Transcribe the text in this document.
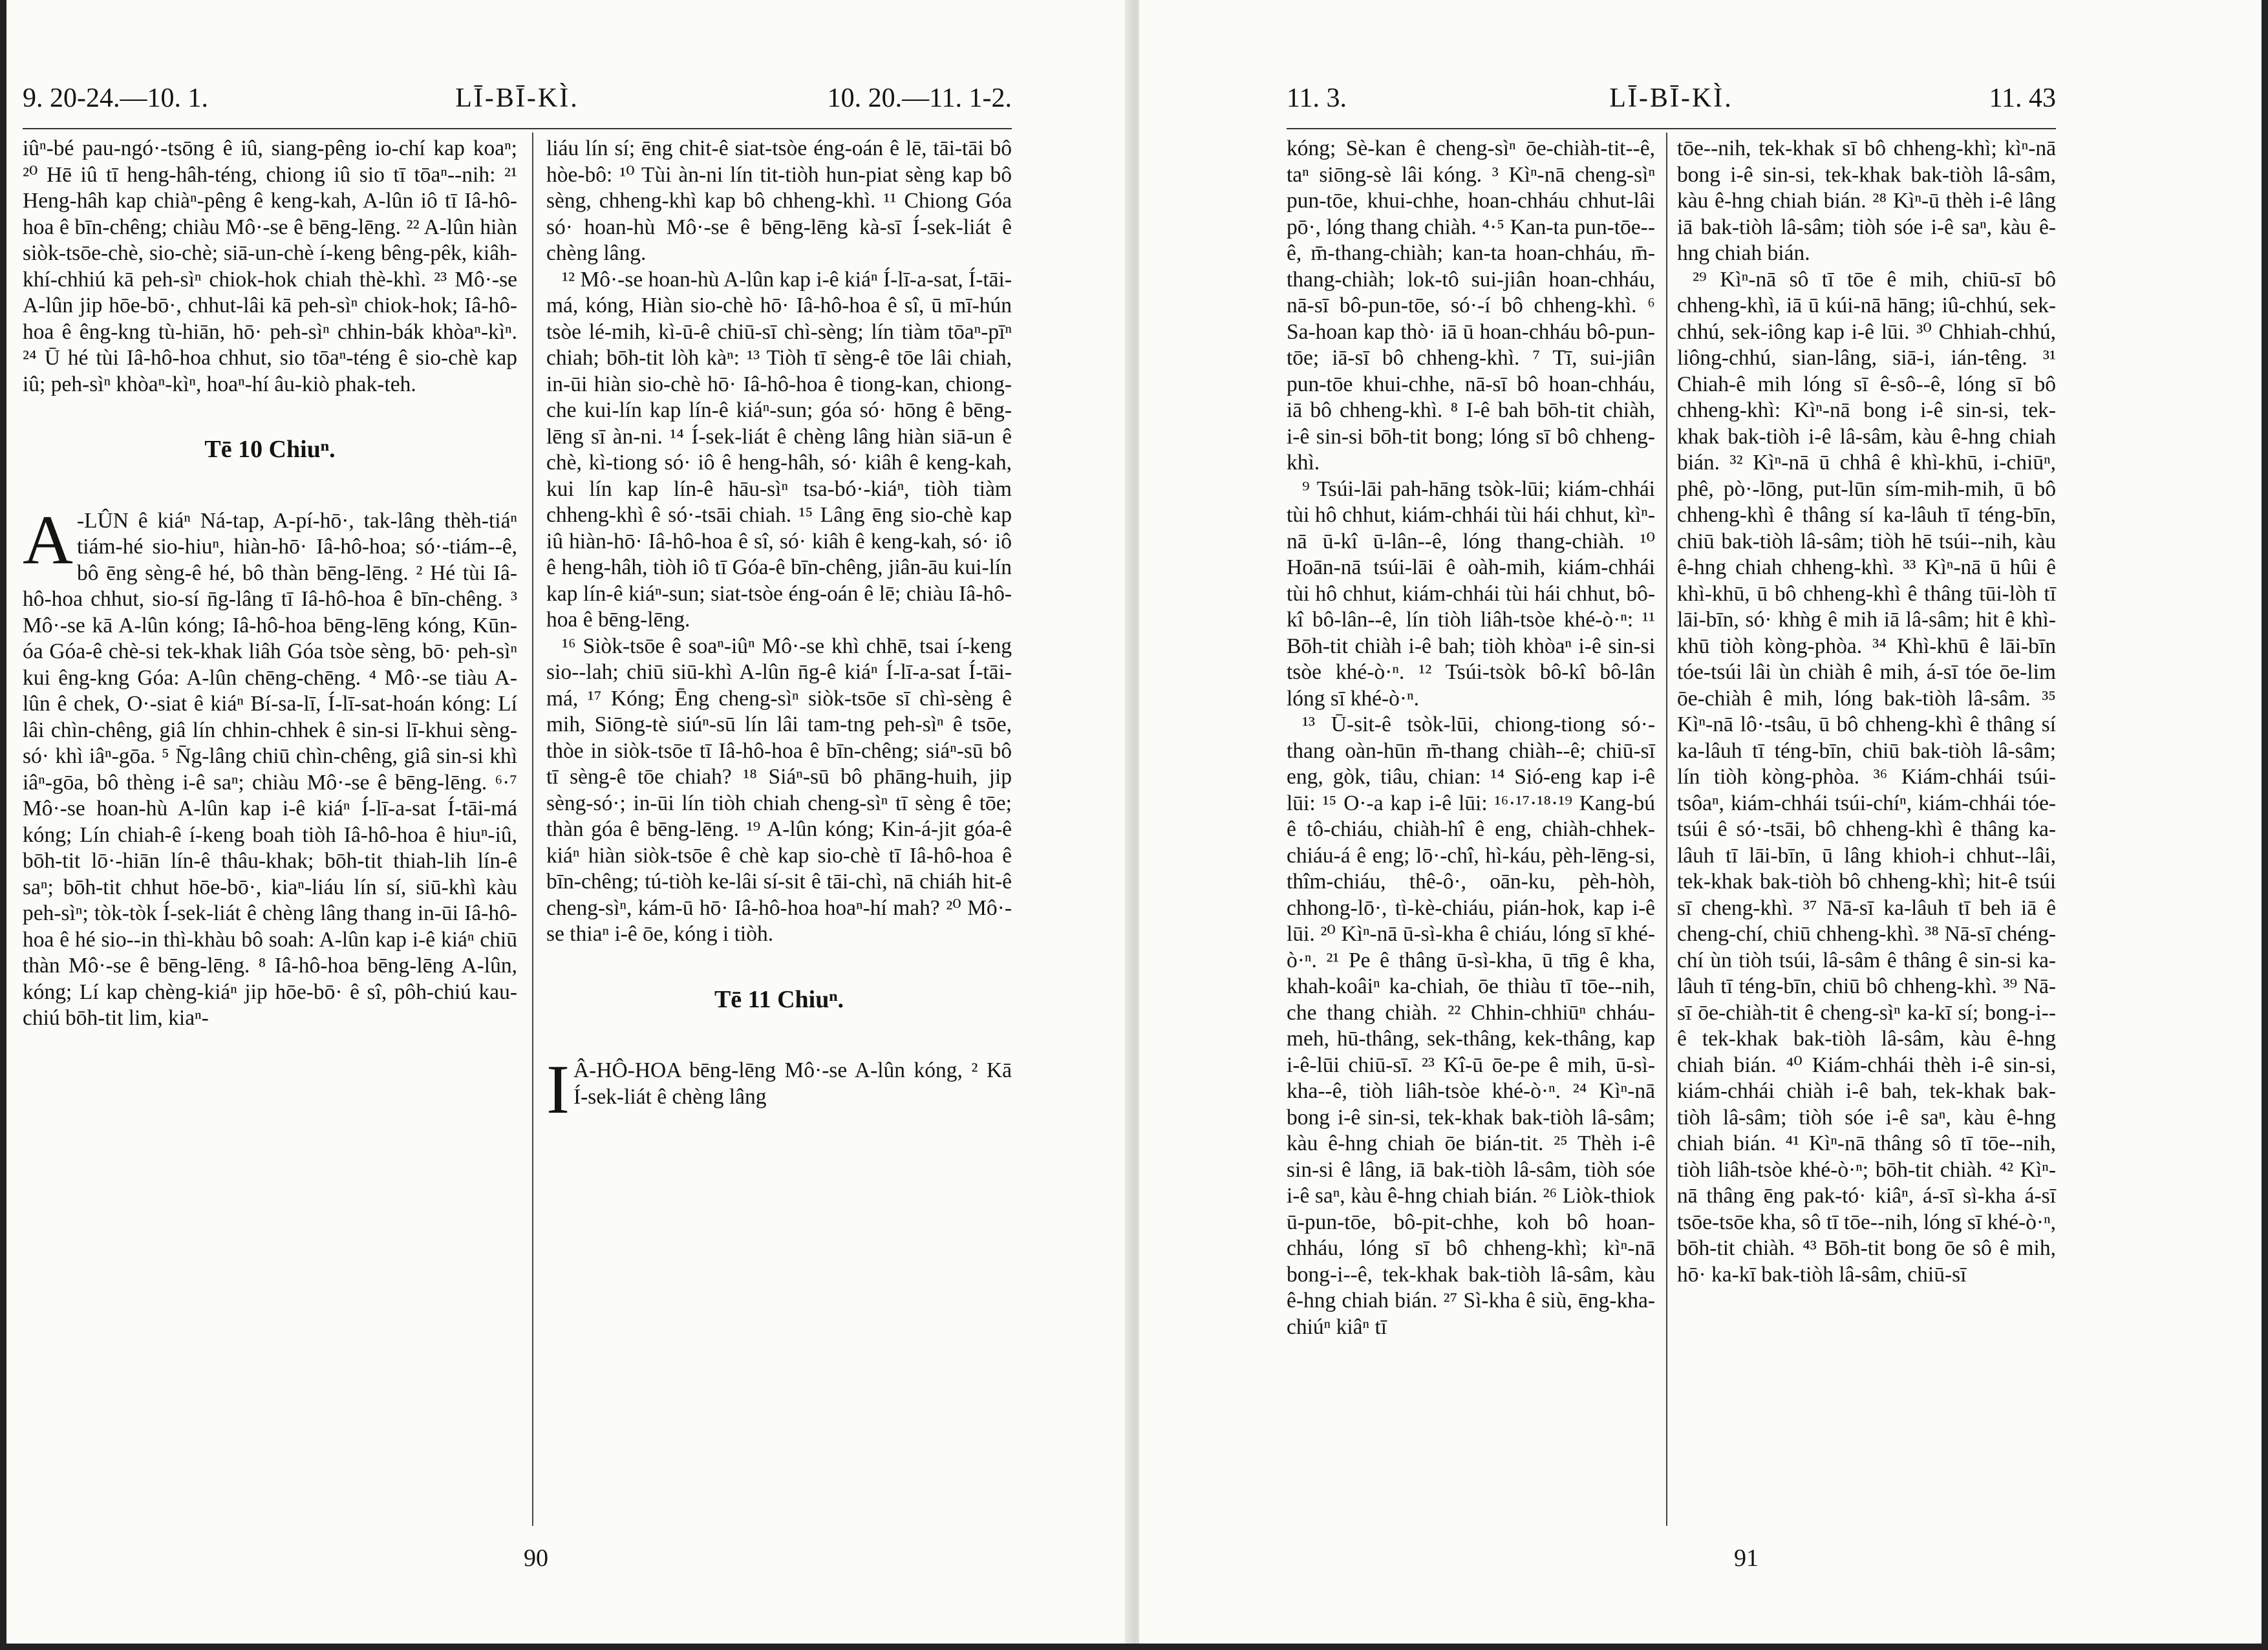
9. 20-24.—10. 1.	LĪ-BĪ-KÌ.	10. 20.—11. 1-2.

iûⁿ-bé pau-ngó·-tsōng ê iû, siang-pêng io-chí kap koaⁿ; ²⁰ Hē iû tī heng-hâh-téng, chiong iû sio tī tōaⁿ--nih: ²¹ Heng-hâh kap chiàⁿ-pêng ê keng-kah, A-lûn iô tī Iâ-hô-hoa ê bīn-chêng; chiàu Mô·-se ê bēng-lēng. ²² A-lûn hiàn siòk-tsōe-chè, sio-chè; siā-un-chè í-keng bêng-pêk, kiâh-khí-chhiú kā peh-sìⁿ chiok-hok chiah thè-khì. ²³ Mô·-se A-lûn jip hōe-bō·, chhut-lâi kā peh-sìⁿ chiok-hok; Iâ-hô-hoa ê êng-kng tù-hiān, hō· peh-sìⁿ chhin-bák khòaⁿ-kìⁿ. ²⁴ Ū hé tùi Iâ-hô-hoa chhut, sio tōaⁿ-téng ê sio-chè kap iû; peh-sìⁿ khòaⁿ-kìⁿ, hoaⁿ-hí âu-kiò phak-teh.

Tē 10 Chiuⁿ.

A -LÛN ê kiáⁿ Ná-tap, A-pí-hō·, tak-lâng thèh-tiáⁿ tiám-hé sio-hiuⁿ, hiàn-hō· Iâ-hô-hoa; só·-tiám--ê, bô ēng sèng-ê hé, bô thàn bēng-lēng. ² Hé tùi Iâ-hô-hoa chhut, sio-sí n̄g-lâng tī Iâ-hô-hoa ê bīn-chêng. ³ Mô·-se kā A-lûn kóng; Iâ-hô-hoa bēng-lēng kóng, Kūn-óa Góa-ê chè-si tek-khak liâh Góa tsòe sèng, bō· peh-sìⁿ kui êng-kng Góa: A-lûn chēng-chēng. ⁴ Mô·-se tiàu A-lûn ê chek, O·-siat ê kiáⁿ Bí-sa-lī, Í-lī-sat-hoán kóng: Lí lâi chìn-chêng, giâ lín chhin-chhek ê sin-si lī-khui sèng-só· khì iâⁿ-gōa. ⁵ N̄g-lâng chiū chìn-chêng, giâ sin-si khì iâⁿ-gōa, bô thèng i-ê saⁿ; chiàu Mô·-se ê bēng-lēng. ⁶·⁷ Mô·-se hoan-hù A-lûn kap i-ê kiáⁿ Í-lī-a-sat Í-tāi-má kóng; Lín chiah-ê í-keng boah tiòh Iâ-hô-hoa ê hiuⁿ-iû, bōh-tit lō·-hiān lín-ê thâu-khak; bōh-tit thiah-lih lín-ê saⁿ; bōh-tit chhut hōe-bō·, kiaⁿ-liáu lín sí, siū-khì kàu peh-sìⁿ; tòk-tòk Í-sek-liát ê chèng lâng thang in-ūi Iâ-hô-hoa ê hé sio--in thì-khàu bô soah: A-lûn kap i-ê kiáⁿ chiū thàn Mô·-se ê bēng-lēng. ⁸ Iâ-hô-hoa bēng-lēng A-lûn, kóng; Lí kap chèng-kiáⁿ jip hōe-bō· ê sî, pôh-chiú kau-chiú bōh-tit lim, kiaⁿ-

liáu lín sí; ēng chit-ê siat-tsòe éng-oán ê lē, tāi-tāi bô hòe-bô: ¹⁰ Tùi àn-ni lín tit-tiòh hun-piat sèng kap bô sèng, chheng-khì kap bô chheng-khì. ¹¹ Chiong Góa só· hoan-hù Mô·-se ê bēng-lēng kà-sī Í-sek-liát ê chèng lâng.

¹² Mô·-se hoan-hù A-lûn kap i-ê kiáⁿ Í-lī-a-sat, Í-tāi-má, kóng, Hiàn sio-chè hō· Iâ-hô-hoa ê sî, ū mī-hún tsòe lé-mih, kì-ū-ê chiū-sī chì-sèng; lín tiàm tōaⁿ-pīⁿ chiah; bōh-tit lòh kàⁿ: ¹³ Tiòh tī sèng-ê tōe lâi chiah, in-ūi hiàn sio-chè hō· Iâ-hô-hoa ê tiong-kan, chiong-che kui-lín kap lín-ê kiáⁿ-sun; góa só· hōng ê bēng-lēng sī àn-ni. ¹⁴ Í-sek-liát ê chèng lâng hiàn siā-un ê chè, kì-tiong só· iô ê heng-hâh, só· kiâh ê keng-kah, kui lín kap lín-ê hāu-sìⁿ tsa-bó·-kiáⁿ, tiòh tiàm chheng-khì ê só·-tsāi chiah. ¹⁵ Lâng ēng sio-chè kap iû hiàn-hō· Iâ-hô-hoa ê sî, só· kiâh ê keng-kah, só· iô ê heng-hâh, tiòh iô tī Góa-ê bīn-chêng, jiân-āu kui-lín kap lín-ê kiáⁿ-sun; siat-tsòe éng-oán ê lē; chiàu Iâ-hô-hoa ê bēng-lēng.

¹⁶ Siòk-tsōe ê soaⁿ-iûⁿ Mô·-se khì chhē, tsai í-keng sio--lah; chiū siū-khì A-lûn n̄g-ê kiáⁿ Í-lī-a-sat Í-tāi-má, ¹⁷ Kóng; Ēng cheng-sìⁿ siòk-tsōe sī chì-sèng ê mih, Siōng-tè siúⁿ-sū lín lâi tam-tng peh-sìⁿ ê tsōe, thòe in siòk-tsōe tī Iâ-hô-hoa ê bīn-chêng; siáⁿ-sū bô tī sèng-ê tōe chiah? ¹⁸ Siáⁿ-sū bô phāng-huih, jip sèng-só·; in-ūi lín tiòh chiah cheng-sìⁿ tī sèng ê tōe; thàn góa ê bēng-lēng. ¹⁹ A-lûn kóng; Kin-á-jit góa-ê kiáⁿ hiàn siòk-tsōe ê chè kap sio-chè tī Iâ-hô-hoa ê bīn-chêng; tú-tiòh ke-lâi sí-sit ê tāi-chì, nā chiáh hit-ê cheng-sìⁿ, kám-ū hō· Iâ-hô-hoa hoaⁿ-hí mah? ²⁰ Mô·-se thiaⁿ i-ê ōe, kóng i tiòh.

Tē 11 Chiuⁿ.

I Â-HÔ-HOA bēng-lēng Mô·-se A-lûn kóng, ² Kā Í-sek-liát ê chèng lâng

90
11. 3.	LĪ-BĪ-KÌ.	11. 43

kóng; Sè-kan ê cheng-sìⁿ ōe-chiàh-tit--ê, taⁿ siōng-sè lâi kóng. ³ Kìⁿ-nā cheng-sìⁿ pun-tōe, khui-chhe, hoan-chháu chhut-lâi pō·, lóng thang chiàh. ⁴·⁵ Kan-ta pun-tōe--ê, m̄-thang-chiàh; kan-ta hoan-chháu, m̄-thang-chiàh; lok-tô sui-jiân hoan-chháu, nā-sī bô-pun-tōe, só·-í bô chheng-khì. ⁶ Sa-hoan kap thò· iā ū hoan-chháu bô-pun-tōe; iā-sī bô chheng-khì. ⁷ Tī, sui-jiân pun-tōe khui-chhe, nā-sī bô hoan-chháu, iā bô chheng-khì. ⁸ I-ê bah bōh-tit chiàh, i-ê sin-si bōh-tit bong; lóng sī bô chheng-khì.

⁹ Tsúi-lāi pah-hāng tsòk-lūi; kiám-chhái tùi hô chhut, kiám-chhái tùi hái chhut, kìⁿ-nā ū-kî ū-lân--ê, lóng thang-chiàh. ¹⁰ Hoān-nā tsúi-lāi ê oàh-mih, kiám-chhái tùi hô chhut, kiám-chhái tùi hái chhut, bô-kî bô-lân--ê, lín tiòh liâh-tsòe khé-ò·ⁿ: ¹¹ Bōh-tit chiàh i-ê bah; tiòh khòaⁿ i-ê sin-si tsòe khé-ò·ⁿ. ¹² Tsúi-tsòk bô-kî bô-lân lóng sī khé-ò·ⁿ.

¹³ Ū-sit-ê tsòk-lūi, chiong-tiong só·-thang oàn-hūn m̄-thang chiàh--ê; chiū-sī eng, gòk, tiâu, chian: ¹⁴ Sió-eng kap i-ê lūi: ¹⁵ O·-a kap i-ê lūi: ¹⁶·¹⁷·¹⁸·¹⁹ Kang-bú ê tô-chiáu, chiàh-hî ê eng, chiàh-chhek-chiáu-á ê eng; lō·-chî, hì-káu, pèh-lēng-si, thîm-chiáu, thê-ô·, oān-ku, pèh-hòh, chhong-lō·, tì-kè-chiáu, pián-hok, kap i-ê lūi. ²⁰ Kìⁿ-nā ū-sì-kha ê chiáu, lóng sī khé-ò·ⁿ. ²¹ Pe ê thâng ū-sì-kha, ū tn̄g ê kha, khah-koâiⁿ ka-chiah, ōe thiàu tī tōe--nih, che thang chiàh. ²² Chhin-chhiūⁿ chháu-meh, hū-thâng, sek-thâng, kek-thâng, kap i-ê-lūi chiū-sī. ²³ Kî-ū ōe-pe ê mih, ū-sì-kha--ê, tiòh liâh-tsòe khé-ò·ⁿ. ²⁴ Kìⁿ-nā bong i-ê sin-si, tek-khak bak-tiòh lâ-sâm; kàu ê-hng chiah ōe bián-tit. ²⁵ Thèh i-ê sin-si ê lâng, iā bak-tiòh lâ-sâm, tiòh sóe i-ê saⁿ, kàu ê-hng chiah bián. ²⁶ Liòk-thiok ū-pun-tōe, bô-pit-chhe, koh bô hoan-chháu, lóng sī bô chheng-khì; kìⁿ-nā bong-i--ê, tek-khak bak-tiòh lâ-sâm, kàu ê-hng chiah bián. ²⁷ Sì-kha ê siù, ēng-kha-chiúⁿ kiâⁿ tī

tōe--nih, tek-khak sī bô chheng-khì; kìⁿ-nā bong i-ê sin-si, tek-khak bak-tiòh lâ-sâm, kàu ê-hng chiah bián. ²⁸ Kìⁿ-ū thèh i-ê lâng iā bak-tiòh lâ-sâm; tiòh sóe i-ê saⁿ, kàu ê-hng chiah bián.

²⁹ Kìⁿ-nā sô tī tōe ê mih, chiū-sī bô chheng-khì, iā ū kúi-nā hāng; iû-chhú, sek-chhú, sek-iông kap i-ê lūi. ³⁰ Chhiah-chhú, liông-chhú, sian-lâng, siā-i, ián-têng. ³¹ Chiah-ê mih lóng sī ê-sô--ê, lóng sī bô chheng-khì: Kìⁿ-nā bong i-ê sin-si, tek-khak bak-tiòh i-ê lâ-sâm, kàu ê-hng chiah bián. ³² Kìⁿ-nā ū chhâ ê khì-khū, i-chiūⁿ, phê, pò·-lōng, put-lūn sím-mih-mih, ū bô chheng-khì ê thâng sí ka-lâuh tī téng-bīn, chiū bak-tiòh lâ-sâm; tiòh hē tsúi--nih, kàu ê-hng chiah chheng-khì. ³³ Kìⁿ-nā ū hûi ê khì-khū, ū bô chheng-khì ê thâng tūi-lòh tī lāi-bīn, só· khǹg ê mih iā lâ-sâm; hit ê khì-khū tiòh kòng-phòa. ³⁴ Khì-khū ê lāi-bīn tóe-tsúi lâi ùn chiàh ê mih, á-sī tóe ōe-lim ōe-chiàh ê mih, lóng bak-tiòh lâ-sâm. ³⁵ Kìⁿ-nā lô·-tsâu, ū bô chheng-khì ê thâng sí ka-lâuh tī téng-bīn, chiū bak-tiòh lâ-sâm; lín tiòh kòng-phòa. ³⁶ Kiám-chhái tsúi-tsôaⁿ, kiám-chhái tsúi-chíⁿ, kiám-chhái tóe-tsúi ê só·-tsāi, bô chheng-khì ê thâng ka-lâuh tī lāi-bīn, ū lâng khioh-i chhut--lâi, tek-khak bak-tiòh bô chheng-khì; hit-ê tsúi sī cheng-khì. ³⁷ Nā-sī ka-lâuh tī beh iā ê cheng-chí, chiū chheng-khì. ³⁸ Nā-sī chéng-chí ùn tiòh tsúi, lâ-sâm ê thâng ê sin-si ka-lâuh tī téng-bīn, chiū bô chheng-khì. ³⁹ Nā-sī ōe-chiàh-tit ê cheng-sìⁿ ka-kī sí; bong-i--ê tek-khak bak-tiòh lâ-sâm, kàu ê-hng chiah bián. ⁴⁰ Kiám-chhái thèh i-ê sin-si, kiám-chhái chiàh i-ê bah, tek-khak bak-tiòh lâ-sâm; tiòh sóe i-ê saⁿ, kàu ê-hng chiah bián. ⁴¹ Kìⁿ-nā thâng sô tī tōe--nih, tiòh liâh-tsòe khé-ò·ⁿ; bōh-tit chiàh. ⁴² Kìⁿ-nā thâng ēng pak-tó· kiâⁿ, á-sī sì-kha á-sī tsōe-tsōe kha, sô tī tōe--nih, lóng sī khé-ò·ⁿ, bōh-tit chiàh. ⁴³ Bōh-tit bong ōe sô ê mih, hō· ka-kī bak-tiòh lâ-sâm, chiū-sī

91
